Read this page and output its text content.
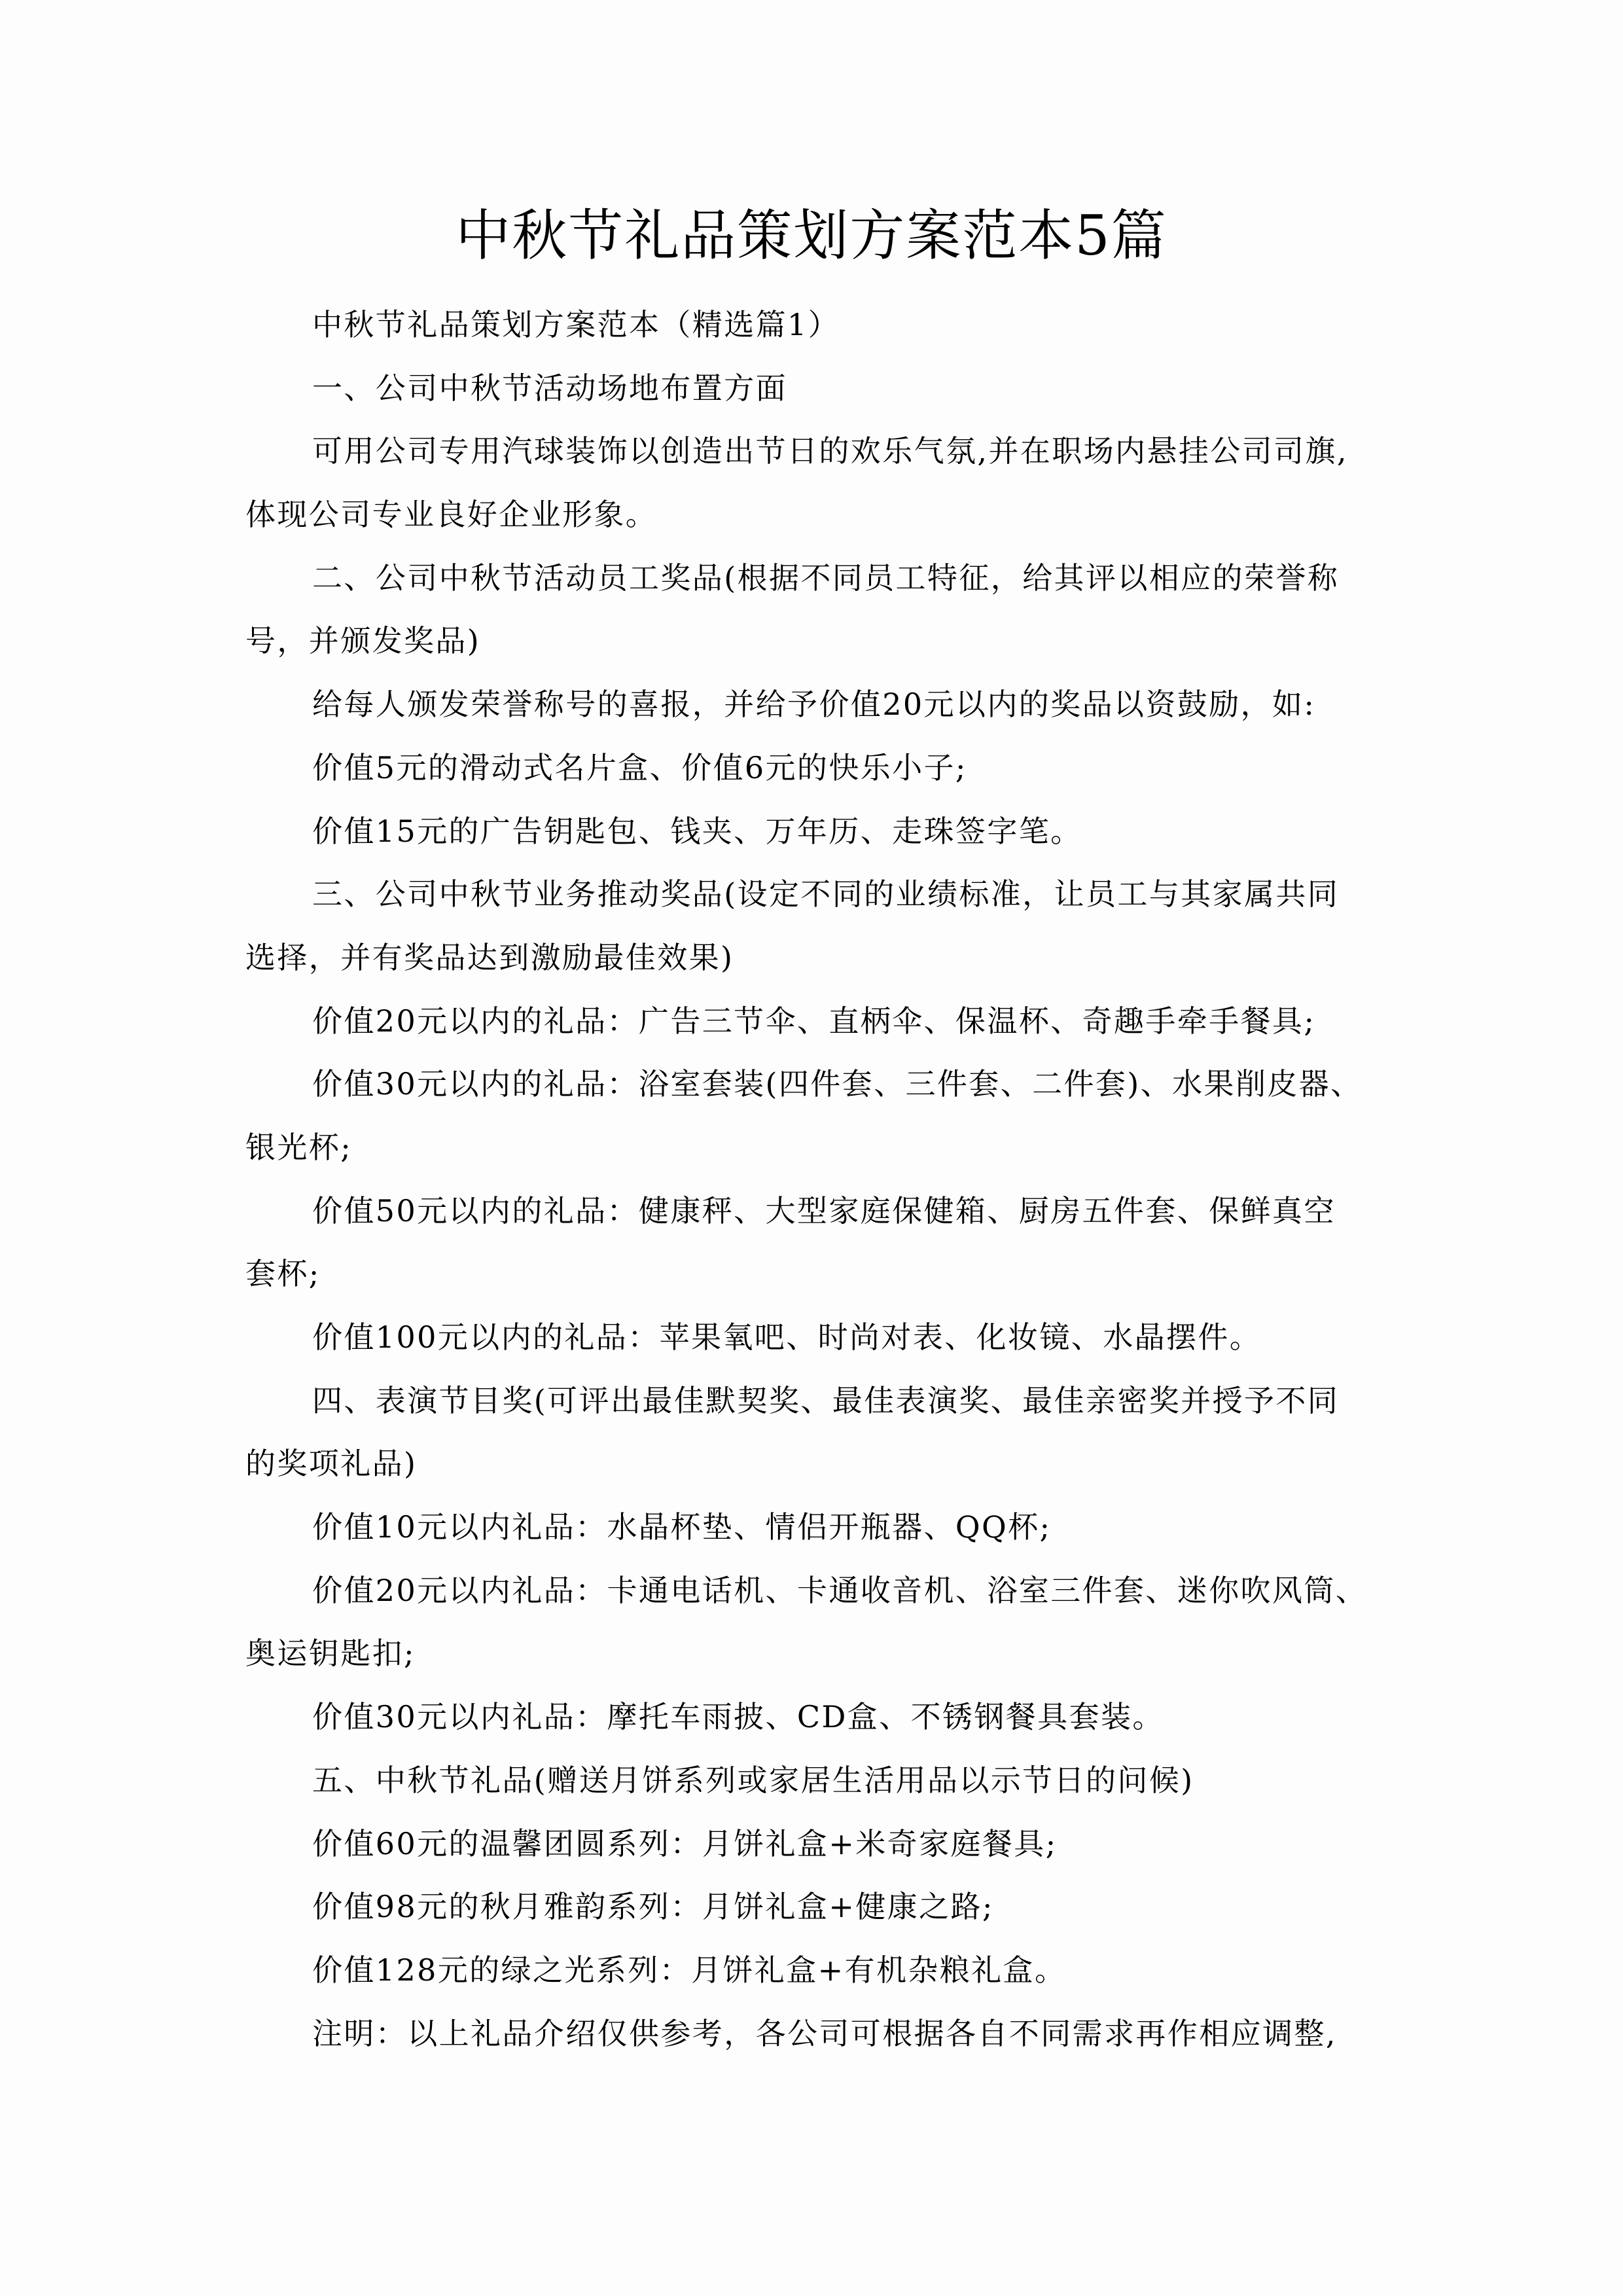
中秋节礼品策划方案范本5篇
中秋节礼品策划方案范本（精选篇1）
一、公司中秋节活动场地布置方面
可用公司专用汽球装饰以创造出节日的欢乐气氛,并在职场内悬挂公司司旗,
体现公司专业良好企业形象。
二、公司中秋节活动员工奖品(根据不同员工特征，给其评以相应的荣誉称
号，并颁发奖品)
给每人颁发荣誉称号的喜报，并给予价值20元以内的奖品以资鼓励，如:
价值5元的滑动式名片盒、价值6元的快乐小子;
价值15元的广告钥匙包、钱夹、万年历、走珠签字笔。
三、公司中秋节业务推动奖品(设定不同的业绩标准，让员工与其家属共同
选择，并有奖品达到激励最佳效果)
价值20元以内的礼品：广告三节伞、直柄伞、保温杯、奇趣手牵手餐具;
价值30元以内的礼品：浴室套装(四件套、三件套、二件套)、水果削皮器、
银光杯;
价值50元以内的礼品：健康秤、大型家庭保健箱、厨房五件套、保鲜真空
套杯;
价值100元以内的礼品：苹果氧吧、时尚对表、化妆镜、水晶摆件。
四、表演节目奖(可评出最佳默契奖、最佳表演奖、最佳亲密奖并授予不同
的奖项礼品)
价值10元以内礼品：水晶杯垫、情侣开瓶器、QQ杯;
价值20元以内礼品：卡通电话机、卡通收音机、浴室三件套、迷你吹风筒、
奥运钥匙扣;
价值30元以内礼品：摩托车雨披、CD盒、不锈钢餐具套装。
五、中秋节礼品(赠送月饼系列或家居生活用品以示节日的问候)
价值60元的温馨团圆系列：月饼礼盒+米奇家庭餐具;
价值98元的秋月雅韵系列：月饼礼盒+健康之路;
价值128元的绿之光系列：月饼礼盒+有机杂粮礼盒。
注明：以上礼品介绍仅供参考，各公司可根据各自不同需求再作相应调整,
